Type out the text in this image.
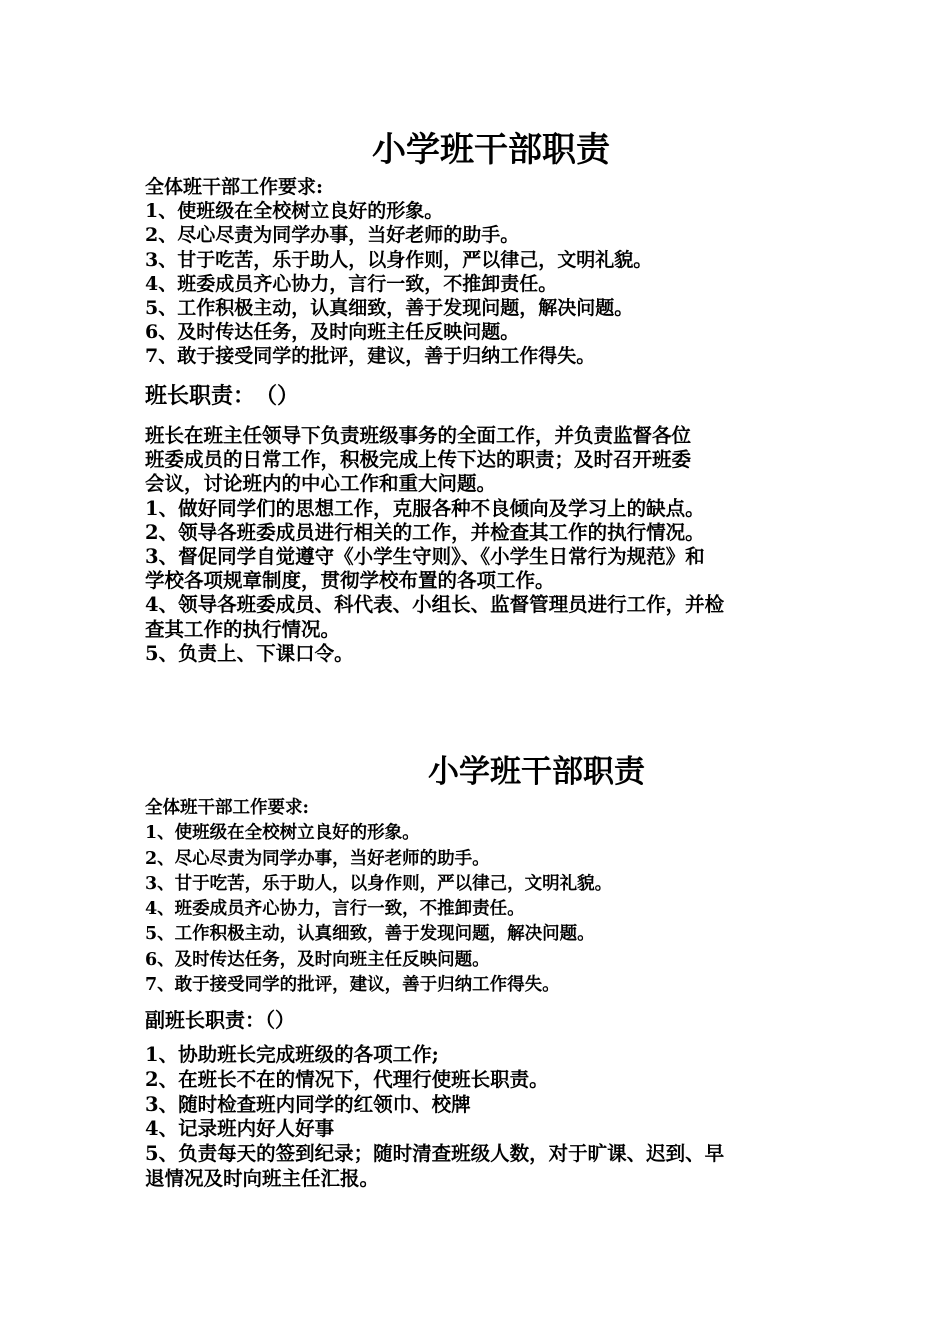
小学班干部职责

全体班干部工作要求:

1、使班级在全校树立良好的形象。

2、尽心尽责为同学办事，当好老师的助手。

3、甘于吃苦，乐于助人，以身作则，严以律己，文明礼貌。

4、班委成员齐心协力，言行一致，不推卸责任。

5、工作积极主动，认真细致，善于发现问题，解决问题。

6、及时传达任务，及时向班主任反映问题。

7、敢于接受同学的批评，建议，善于归纳工作得失。

班长职责：　（）

班长在班主任领导下负责班级事务的全面工作，并负责监督各位

班委成员的日常工作，积极完成上传下达的职责；及时召开班委

会议，讨论班内的中心工作和重大问题。

1、做好同学们的思想工作，克服各种不良倾向及学习上的缺点。

2、领导各班委成员进行相关的工作，并检查其工作的执行情况。

3、督促同学自觉遵守《小学生守则》、《小学生日常行为规范》和

学校各项规章制度，贯彻学校布置的各项工作。

4、领导各班委成员、科代表、小组长、监督管理员进行工作，并检

查其工作的执行情况。

5、负责上、下课口令。

小学班干部职责

全体班干部工作要求:

1、使班级在全校树立良好的形象。

2、尽心尽责为同学办事，当好老师的助手。

3、甘于吃苦，乐于助人，以身作则，严以律己，文明礼貌。

4、班委成员齐心协力，言行一致，不推卸责任。

5、工作积极主动，认真细致，善于发现问题，解决问题。

6、及时传达任务，及时向班主任反映问题。

7、敢于接受同学的批评，建议，善于归纳工作得失。

副班长职责：（）

1、协助班长完成班级的各项工作;

2、在班长不在的情况下，代理行使班长职责。

3、随时检查班内同学的红领巾、校牌

4、记录班内好人好事

5、负责每天的签到纪录；随时清查班级人数，对于旷课、迟到、早

退情况及时向班主任汇报。
